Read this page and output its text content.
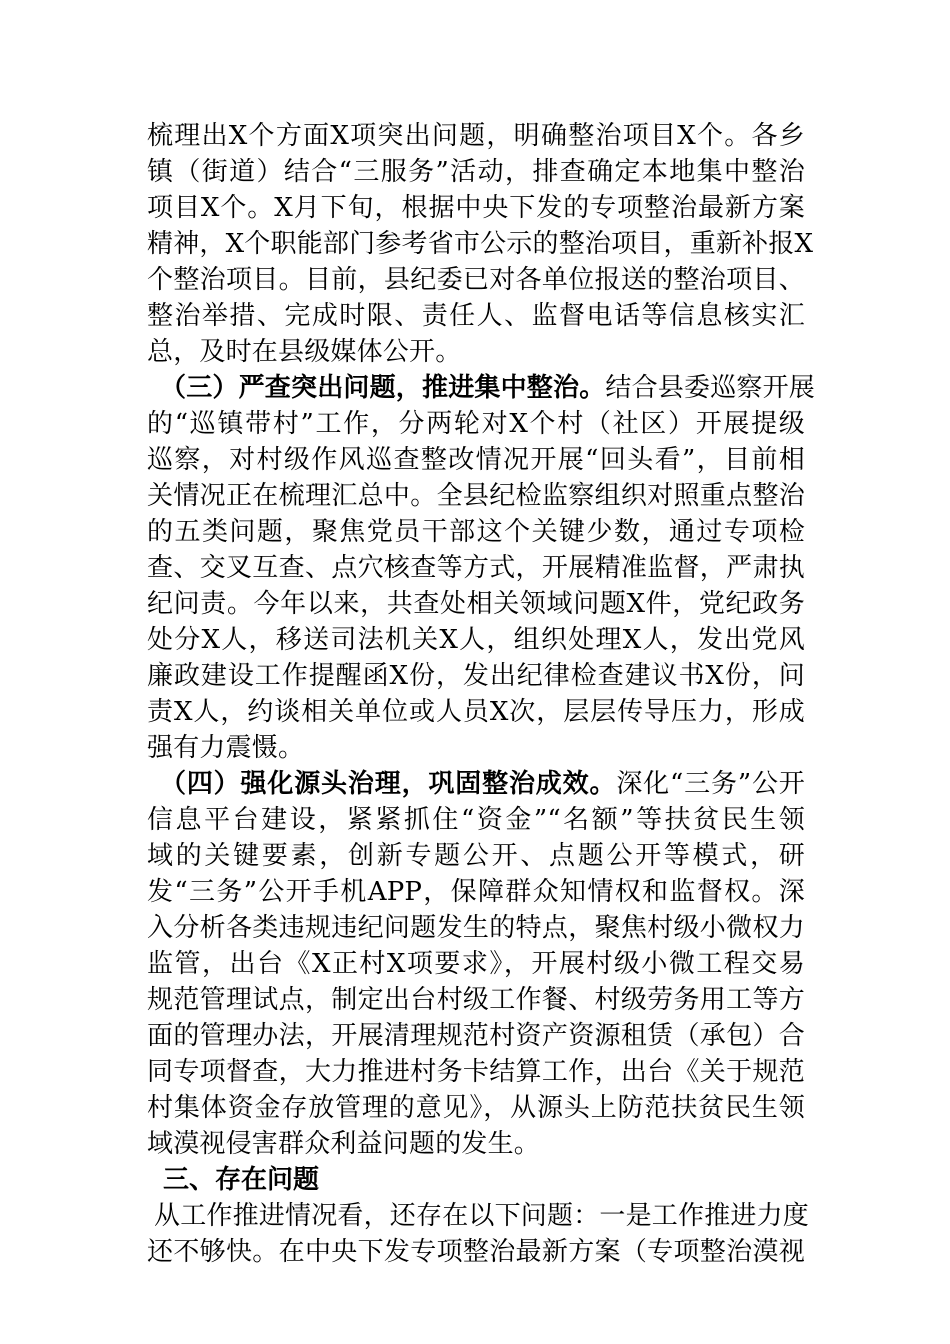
梳理出X个方面X项突出问题，明确整治项目X个。各乡
镇（街道）结合“三服务”活动，排查确定本地集中整治
项目X个。X月下旬，根据中央下发的专项整治最新方案
精神，X个职能部门参考省市公示的整治项目，重新补报X
个整治项目。目前，县纪委已对各单位报送的整治项目、
整治举措、完成时限、责任人、监督电话等信息核实汇
总，及时在县级媒体公开。
（三）严查突出问题，推进集中整治。结合县委巡察开展
的“巡镇带村”工作，分两轮对X个村（社区）开展提级
巡察，对村级作风巡查整改情况开展“回头看”，目前相
关情况正在梳理汇总中。全县纪检监察组织对照重点整治
的五类问题，聚焦党员干部这个关键少数，通过专项检
查、交叉互查、点穴核查等方式，开展精准监督，严肃执
纪问责。今年以来，共查处相关领域问题X件，党纪政务
处分X人，移送司法机关X人，组织处理X人，发出党风
廉政建设工作提醒函X份，发出纪律检查建议书X份，问
责X人，约谈相关单位或人员X次，层层传导压力，形成
强有力震慑。
（四）强化源头治理，巩固整治成效。深化“三务”公开
信息平台建设，紧紧抓住“资金”“名额”等扶贫民生领
域的关键要素，创新专题公开、点题公开等模式，研
发“三务”公开手机APP，保障群众知情权和监督权。深
入分析各类违规违纪问题发生的特点，聚焦村级小微权力
监管，出台《X正村X项要求》，开展村级小微工程交易
规范管理试点，制定出台村级工作餐、村级劳务用工等方
面的管理办法，开展清理规范村资产资源租赁（承包）合
同专项督查，大力推进村务卡结算工作，出台《关于规范
村集体资金存放管理的意见》，从源头上防范扶贫民生领
域漠视侵害群众利益问题的发生。
三、存在问题
从工作推进情况看，还存在以下问题：一是工作推进力度
还不够快。在中央下发专项整治最新方案（专项整治漠视
